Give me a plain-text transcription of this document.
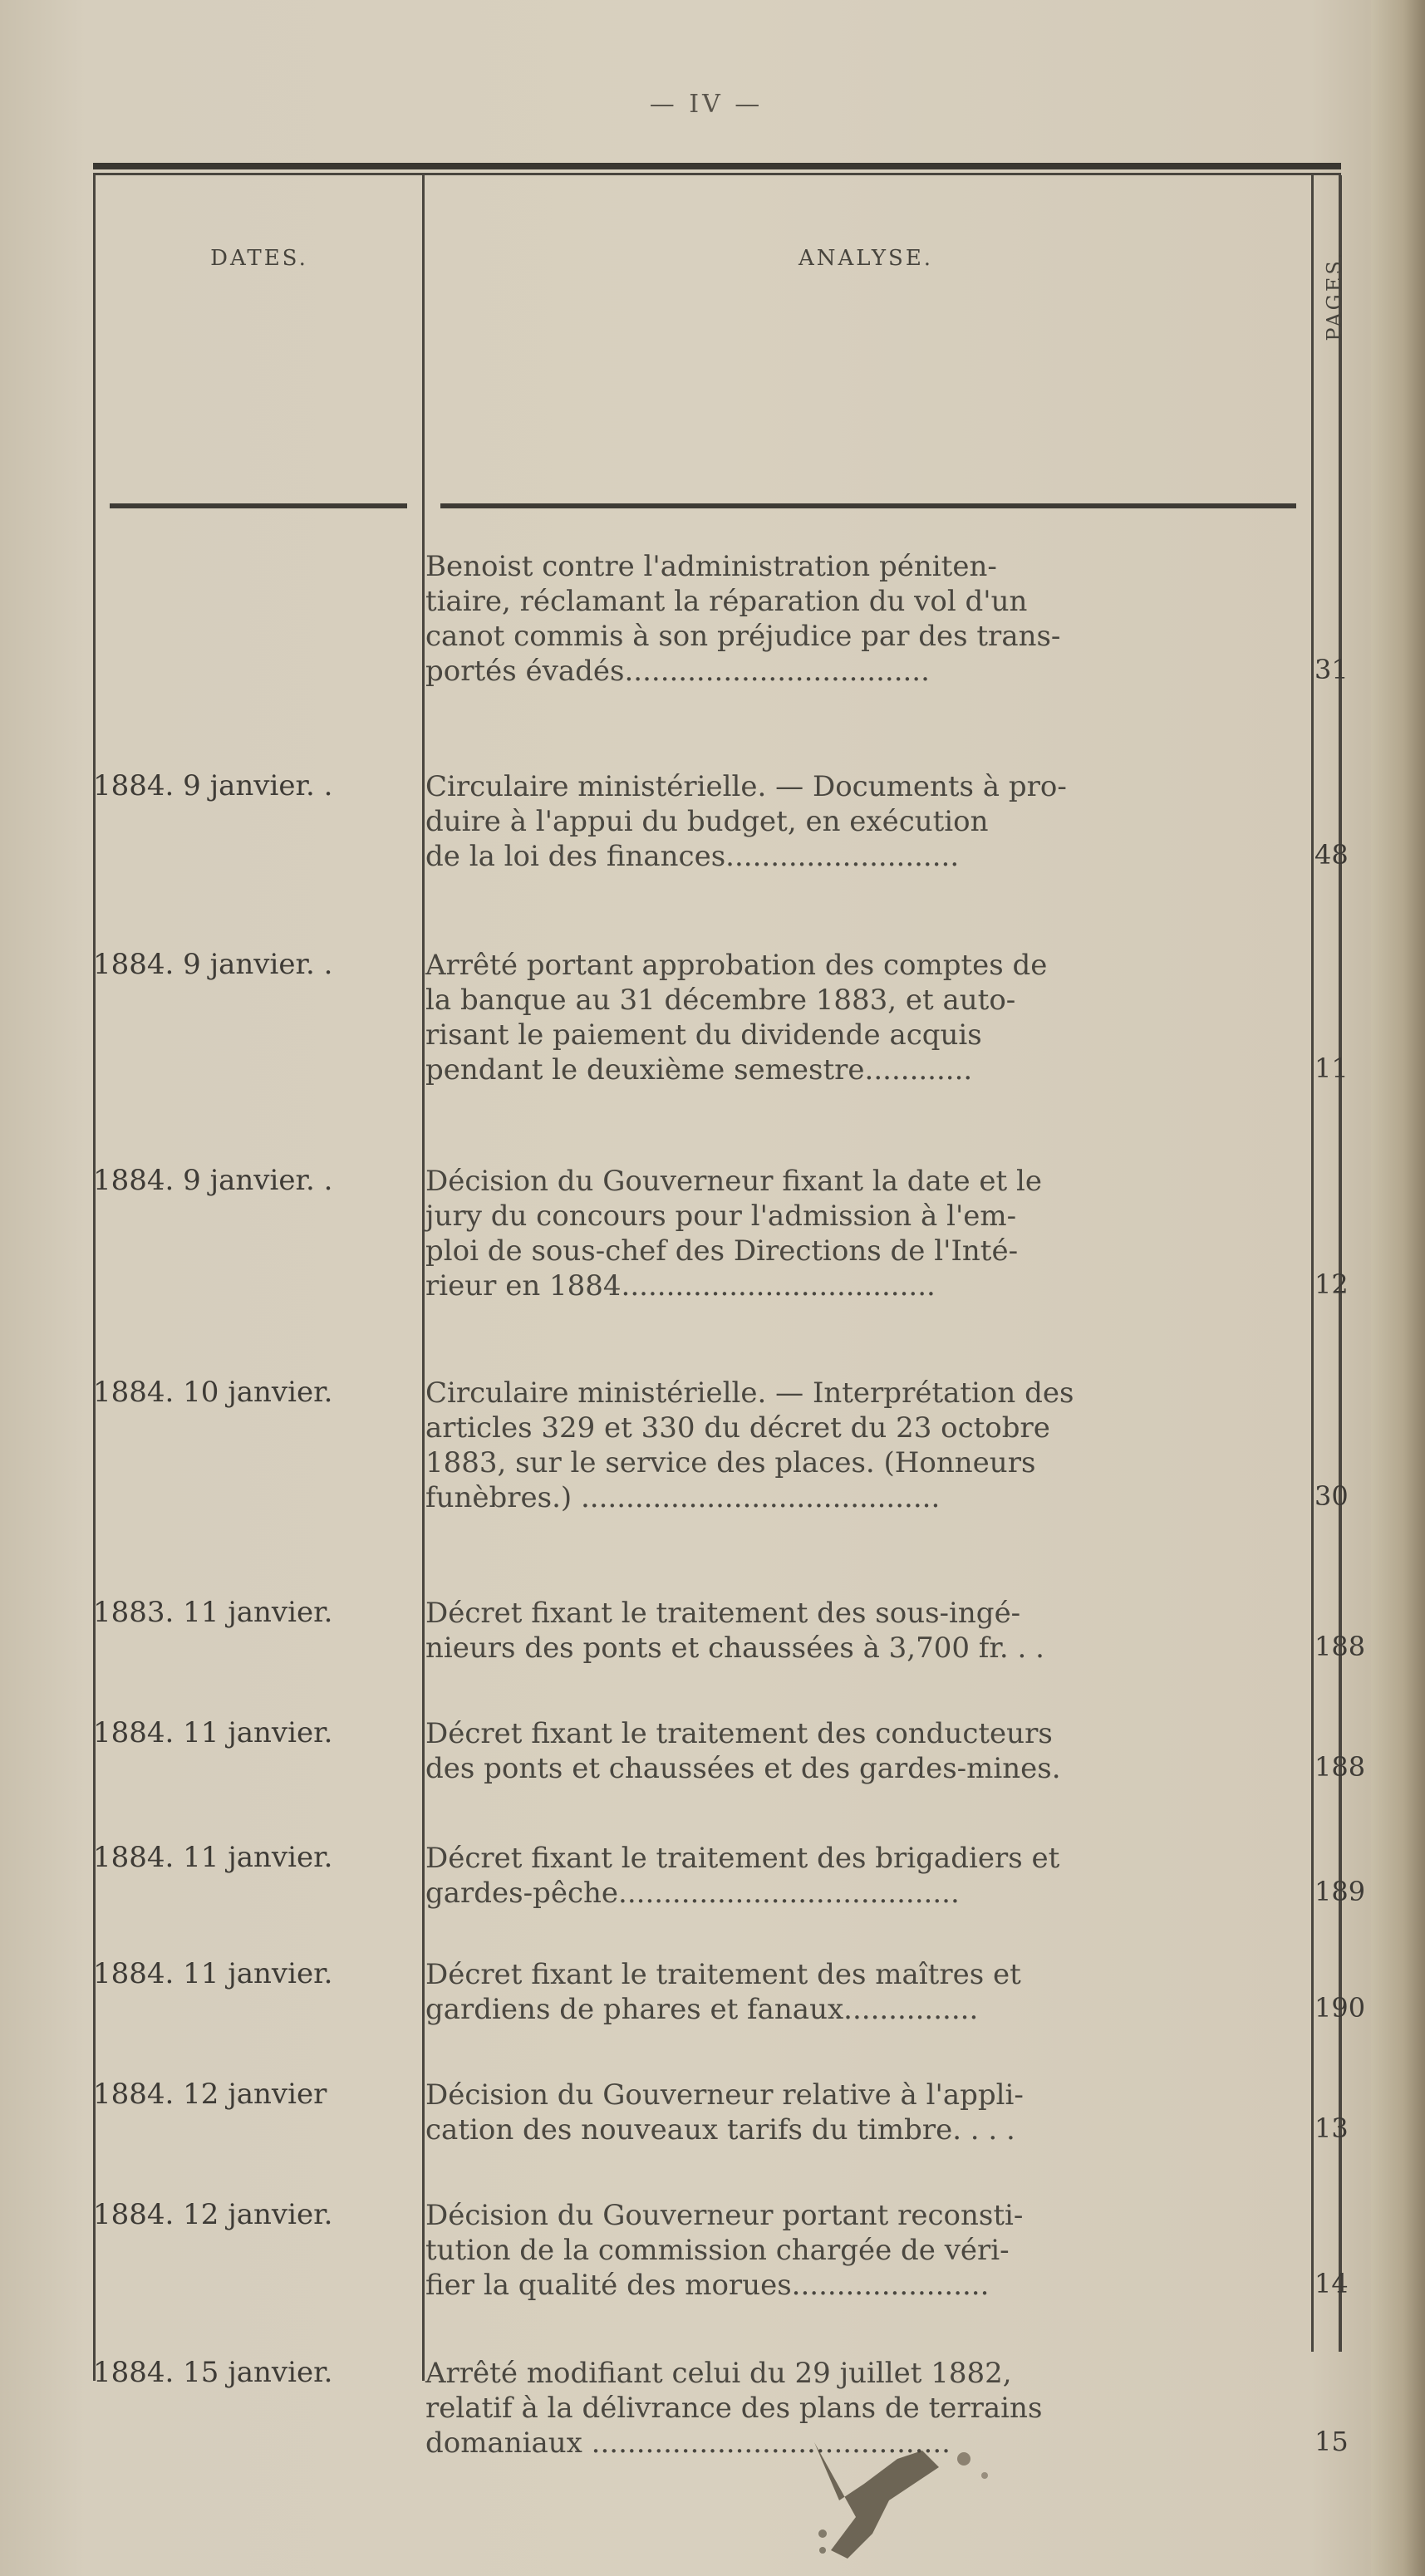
— IV —
DATES.	ANALYSE.	PAGES.
Benoist contre l'administration péniten-
tiaire, réclamant la réparation du vol d'un
canot commis à son préjudice par des trans-
portés évadés..................................	31
1884. 9 janvier. .	Circulaire ministérielle. — Documents à pro-
duire à l'appui du budget, en exécution
de la loi des finances..........................	48
1884. 9 janvier. .	Arrêté portant approbation des comptes de
la banque au 31 décembre 1883, et auto-
risant le paiement du dividende acquis
pendant le deuxième semestre............	11
1884. 9 janvier. .	Décision du Gouverneur fixant la date et le
jury du concours pour l'admission à l'em-
ploi de sous-chef des Directions de l'Inté-
rieur en 1884...................................	12
1884. 10 janvier.	Circulaire ministérielle. — Interprétation des
articles 329 et 330 du décret du 23 octobre
1883, sur le service des places. (Honneurs
funèbres.) ........................................	30
1883. 11 janvier.	Décret fixant le traitement des sous-ingé-
nieurs des ponts et chaussées à 3,700 fr. . .	188
1884. 11 janvier.	Décret fixant le traitement des conducteurs
des ponts et chaussées et des gardes-mines.	188
1884. 11 janvier.	Décret fixant le traitement des brigadiers et
gardes-pêche......................................	189
1884. 11 janvier.	Décret fixant le traitement des maîtres et
gardiens de phares et fanaux...............	190
1884. 12 janvier	Décision du Gouverneur relative à l'appli-
cation des nouveaux tarifs du timbre. . . .	13
1884. 12 janvier.	Décision du Gouverneur portant reconsti-
tution de la commission chargée de véri-
fier la qualité des morues......................	14
1884. 15 janvier.	Arrêté modifiant celui du 29 juillet 1882,
relatif à la délivrance des plans de terrains
domaniaux ........................................	15
